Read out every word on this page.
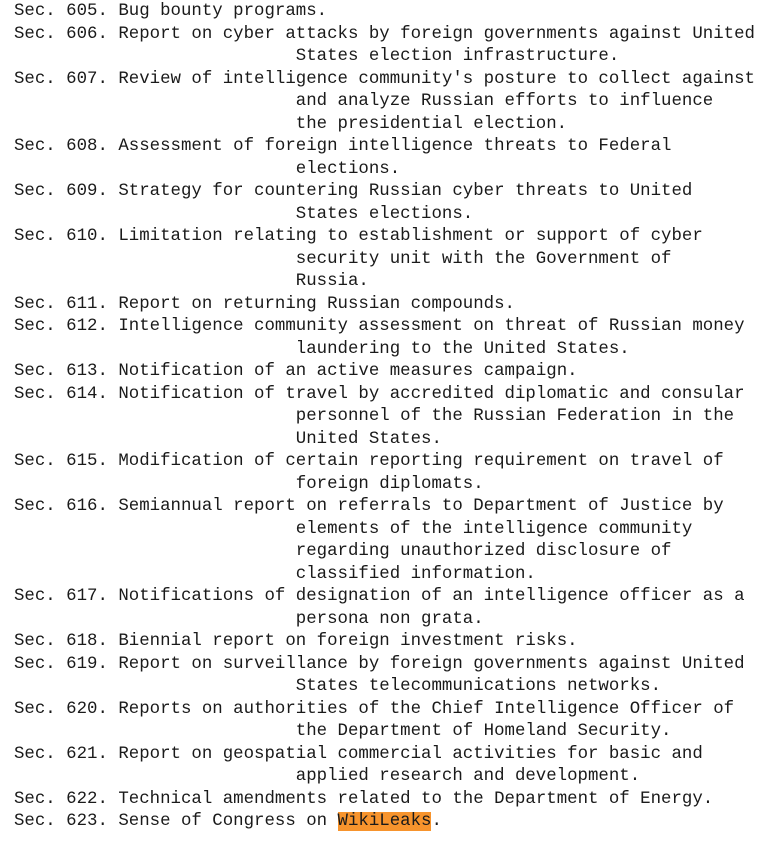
Sec. 605. Bug bounty programs.
Sec. 606. Report on cyber attacks by foreign governments against United
States election infrastructure.
Sec. 607. Review of intelligence community's posture to collect against
and analyze Russian efforts to influence
the presidential election.
Sec. 608. Assessment of foreign intelligence threats to Federal
elections.
Sec. 609. Strategy for countering Russian cyber threats to United
States elections.
Sec. 610. Limitation relating to establishment or support of cyber
security unit with the Government of
Russia.
Sec. 611. Report on returning Russian compounds.
Sec. 612. Intelligence community assessment on threat of Russian money
laundering to the United States.
Sec. 613. Notification of an active measures campaign.
Sec. 614. Notification of travel by accredited diplomatic and consular
personnel of the Russian Federation in the
United States.
Sec. 615. Modification of certain reporting requirement on travel of
foreign diplomats.
Sec. 616. Semiannual report on referrals to Department of Justice by
elements of the intelligence community
regarding unauthorized disclosure of
classified information.
Sec. 617. Notifications of designation of an intelligence officer as a
persona non grata.
Sec. 618. Biennial report on foreign investment risks.
Sec. 619. Report on surveillance by foreign governments against United
States telecommunications networks.
Sec. 620. Reports on authorities of the Chief Intelligence Officer of
the Department of Homeland Security.
Sec. 621. Report on geospatial commercial activities for basic and
applied research and development.
Sec. 622. Technical amendments related to the Department of Energy.
Sec. 623. Sense of Congress on WikiLeaks.
